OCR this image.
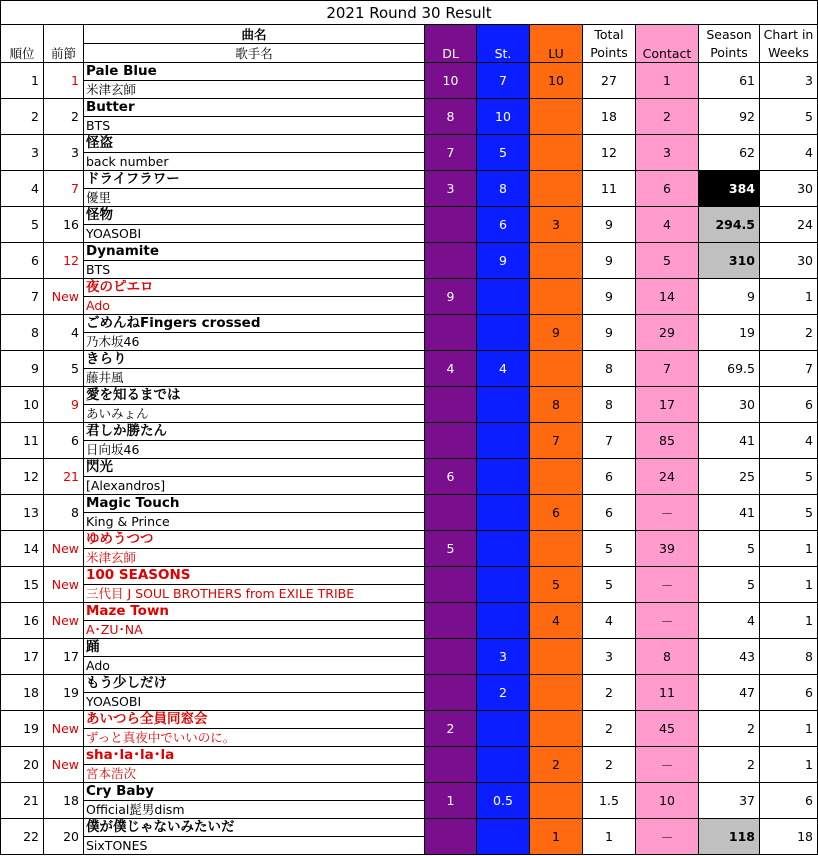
2021 Round 30 Result									
順位	前節	曲名	DL	St.	LU	Total	Contact	Season	Chart in
		歌手名				Points		Points	Weeks
1	1	Pale Blue
米津玄師	10	7	10	27	1	61	3
2	2	Butter
BTS	8	10		18	2	92	5
3	3	怪盗
back number	7	5		12	3	62	4
4	7	ドライフラワー
優里	3	8		11	6	384	30
5	16	怪物
YOASOBI		6	3	9	4	294.5	24
6	12	Dynamite
BTS		9		9	5	310	30
7	New	夜のピエロ
Ado	9			9	14	9	1
8	4	ごめんねFingers crossed
乃木坂46			9	9	29	19	2
9	5	きらり
藤井風	4	4		8	7	69.5	7
10	9	愛を知るまでは
あいみょん			8	8	17	30	6
11	6	君しか勝たん
日向坂46			7	7	85	41	4
12	21	閃光
[Alexandros]	6			6	24	25	5
13	8	Magic Touch
King & Prince			6	6	－	41	5
14	New	ゆめうつつ
米津玄師	5			5	39	5	1
15	New	100 SEASONS
三代目 J SOUL BROTHERS from EXILE TRIBE			5	5	－	5	1
16	New	Maze Town
A･ZU･NA			4	4	－	4	1
17	17	踊
Ado		3		3	8	43	8
18	19	もう少しだけ
YOASOBI		2		2	11	47	6
19	New	あいつら全員同窓会
ずっと真夜中でいいのに。	2			2	45	2	1
20	New	sha･la･la･la
宮本浩次			2	2	－	2	1
21	18	Cry Baby
Official髭男dism	1	0.5		1.5	10	37	6
22	20	僕が僕じゃないみたいだ
SixTONES			1	1	－	118	18
